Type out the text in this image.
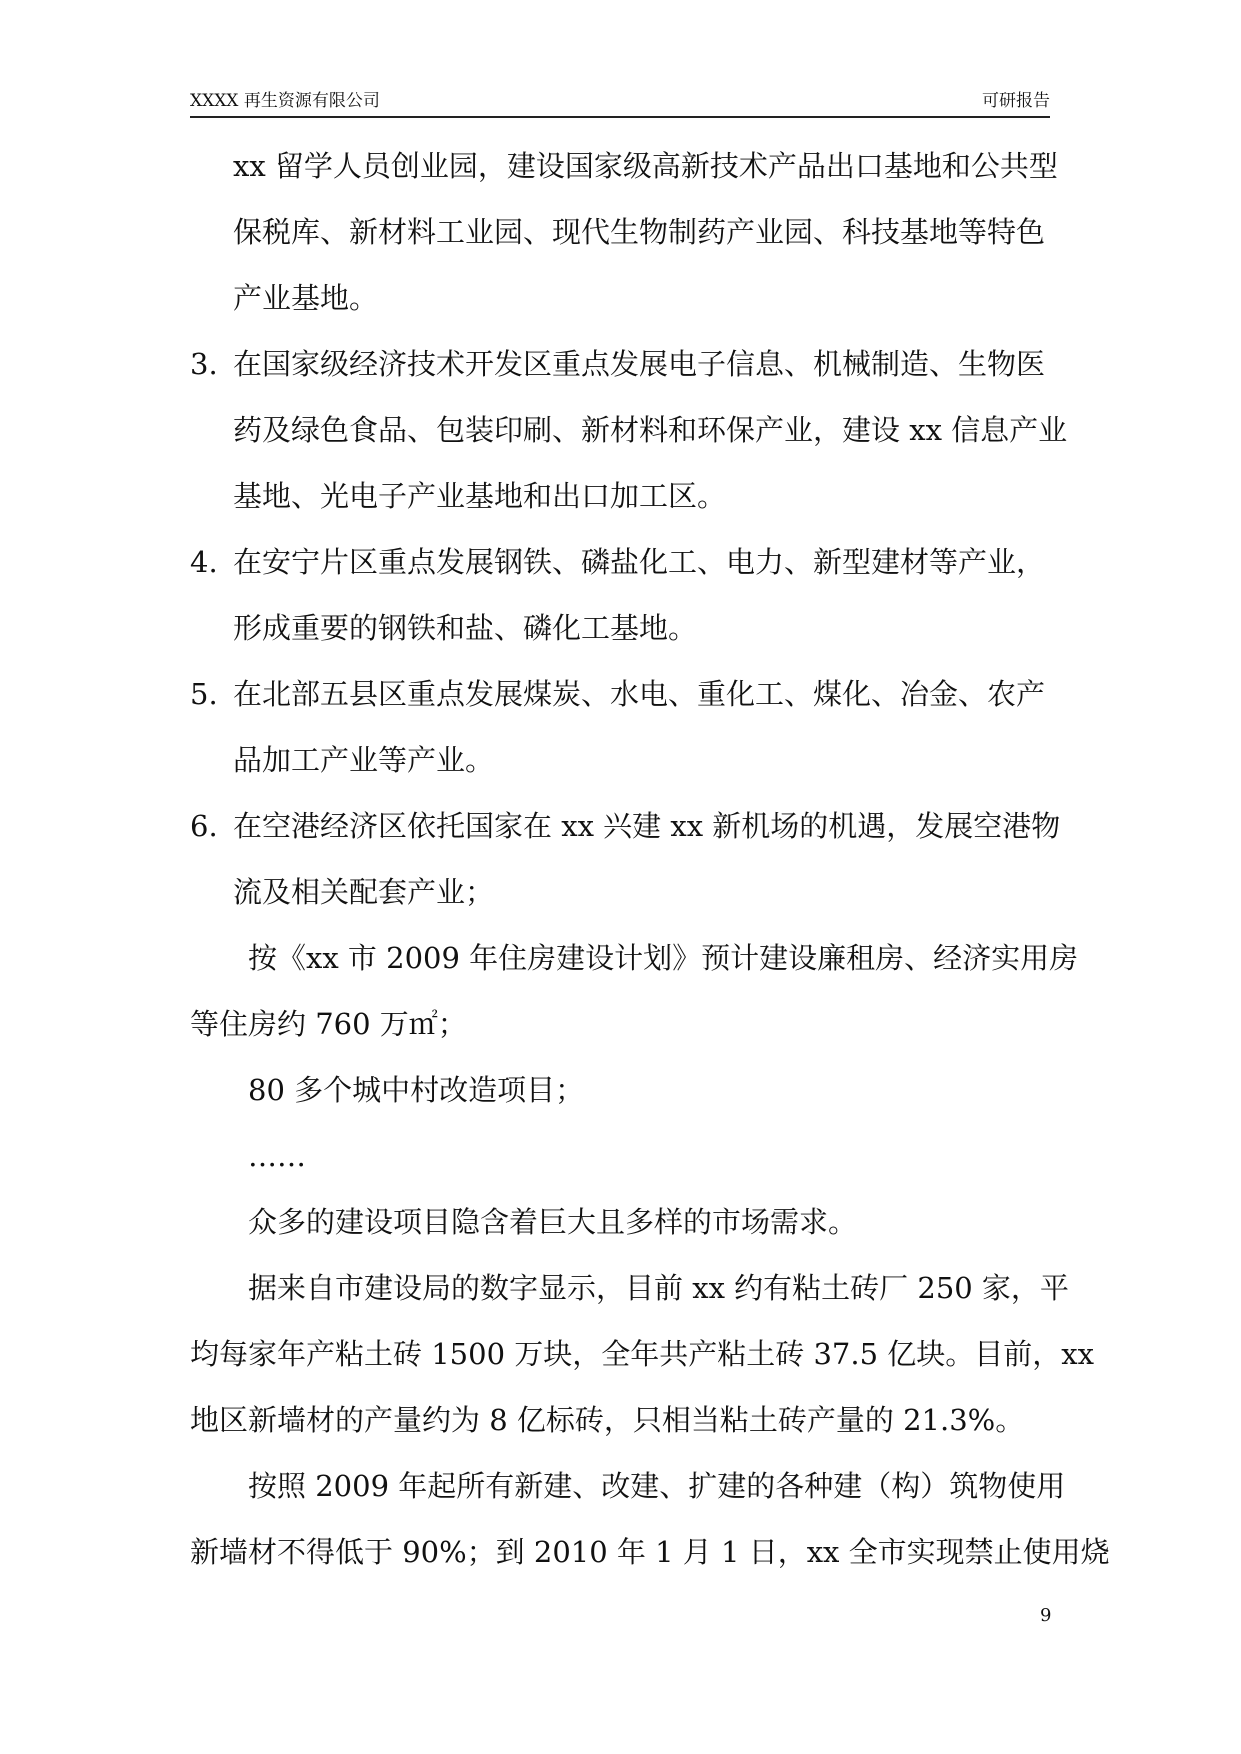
XXXX 再生资源有限公司	可研报告
xx 留学人员创业园，建设国家级高新技术产品出口基地和公共型
保税库、新材料工业园、现代生物制药产业园、科技基地等特色
产业基地。
3. 在国家级经济技术开发区重点发展电子信息、机械制造、生物医
药及绿色食品、包装印刷、新材料和环保产业，建设 xx 信息产业
基地、光电子产业基地和出口加工区。
4. 在安宁片区重点发展钢铁、磷盐化工、电力、新型建材等产业，
形成重要的钢铁和盐、磷化工基地。
5. 在北部五县区重点发展煤炭、水电、重化工、煤化、冶金、农产
品加工产业等产业。
6. 在空港经济区依托国家在 xx 兴建 xx 新机场的机遇，发展空港物
流及相关配套产业；
按《xx 市 2009 年住房建设计划》预计建设廉租房、经济实用房
等住房约 760 万㎡；
80 多个城中村改造项目；
……
众多的建设项目隐含着巨大且多样的市场需求。
据来自市建设局的数字显示，目前 xx 约有粘土砖厂 250 家，平
均每家年产粘土砖 1500 万块，全年共产粘土砖 37.5 亿块。目前，xx
地区新墙材的产量约为 8 亿标砖，只相当粘土砖产量的 21.3%。
按照 2009 年起所有新建、改建、扩建的各种建（构）筑物使用
新墙材不得低于 90%；到 2010 年 1 月 1 日，xx 全市实现禁止使用烧
9
